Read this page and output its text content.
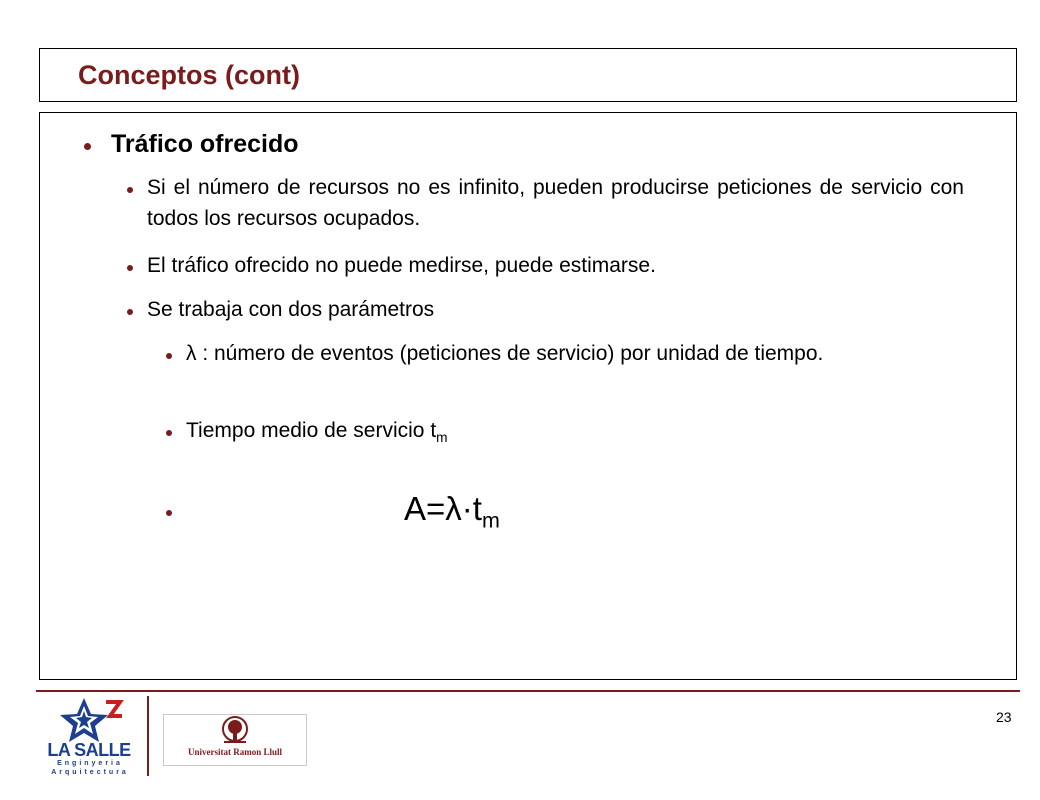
Conceptos (cont)
Tráfico ofrecido
Si el número de recursos no es infinito, pueden producirse peticiones de servicio con todos los recursos ocupados.
El tráfico ofrecido no puede medirse, puede estimarse.
Se trabaja con dos parámetros
λ : número de eventos (peticiones de servicio) por unidad de tiempo.
Tiempo medio de servicio $t_m$
$A=\lambda\cdot t_m$
23
LA SALLE
Enginyeria
Arquitectura
Universitat Ramon Llull
